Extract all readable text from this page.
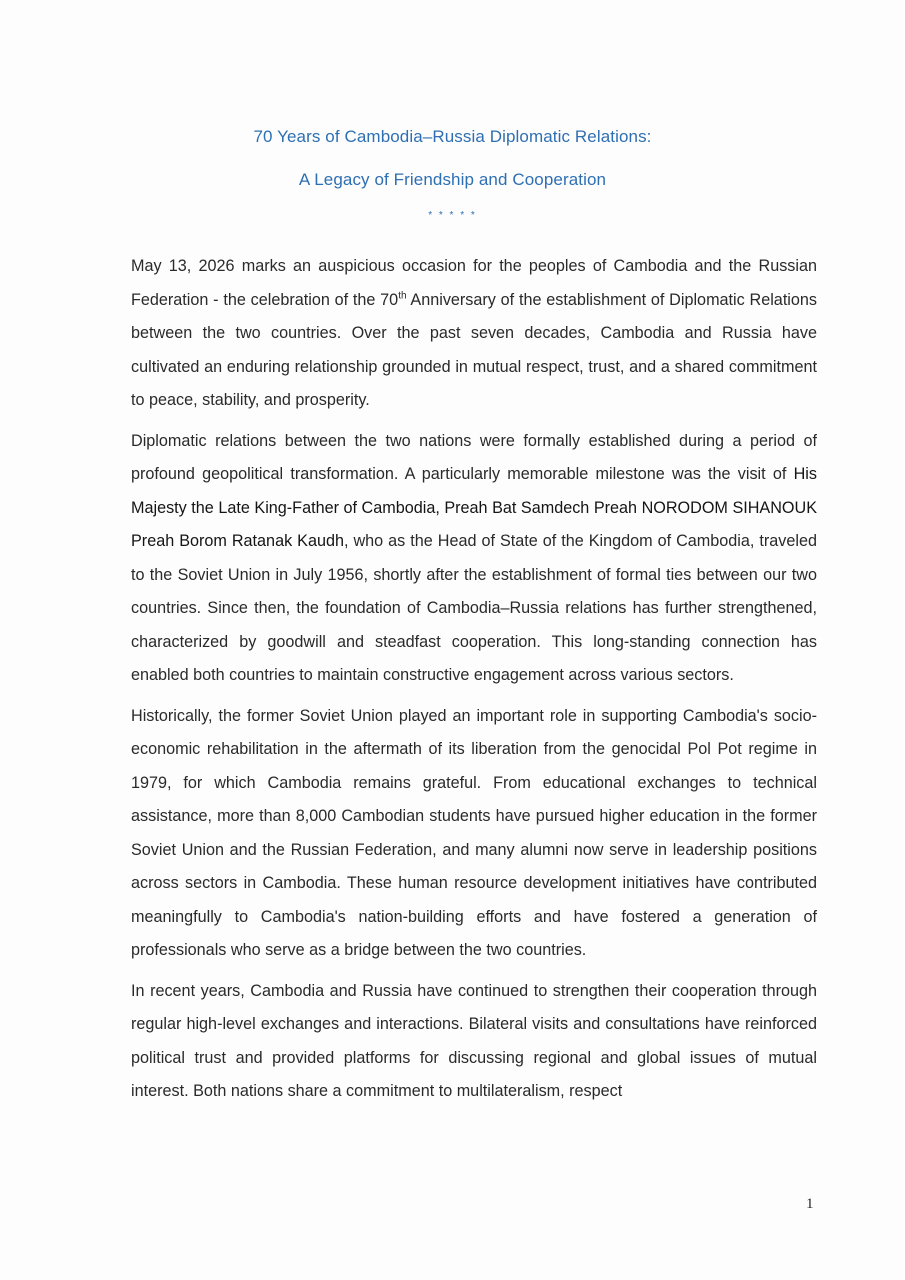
70 Years of Cambodia–Russia Diplomatic Relations:
A Legacy of Friendship and Cooperation
* * * * *

May 13, 2026 marks an auspicious occasion for the peoples of Cambodia and the Russian Federation - the celebration of the 70th Anniversary of the establishment of Diplomatic Relations between the two countries. Over the past seven decades, Cambodia and Russia have cultivated an enduring relationship grounded in mutual respect, trust, and a shared commitment to peace, stability, and prosperity.

Diplomatic relations between the two nations were formally established during a period of profound geopolitical transformation. A particularly memorable milestone was the visit of His Majesty the Late King-Father of Cambodia, Preah Bat Samdech Preah NORODOM SIHANOUK Preah Borom Ratanak Kaudh, who as the Head of State of the Kingdom of Cambodia, traveled to the Soviet Union in July 1956, shortly after the establishment of formal ties between our two countries. Since then, the foundation of Cambodia–Russia relations has further strengthened, characterized by goodwill and steadfast cooperation. This long-standing connection has enabled both countries to maintain constructive engagement across various sectors.

Historically, the former Soviet Union played an important role in supporting Cambodia's socio-economic rehabilitation in the aftermath of its liberation from the genocidal Pol Pot regime in 1979, for which Cambodia remains grateful. From educational exchanges to technical assistance, more than 8,000 Cambodian students have pursued higher education in the former Soviet Union and the Russian Federation, and many alumni now serve in leadership positions across sectors in Cambodia. These human resource development initiatives have contributed meaningfully to Cambodia's nation-building efforts and have fostered a generation of professionals who serve as a bridge between the two countries.

In recent years, Cambodia and Russia have continued to strengthen their cooperation through regular high-level exchanges and interactions. Bilateral visits and consultations have reinforced political trust and provided platforms for discussing regional and global issues of mutual interest. Both nations share a commitment to multilateralism, respect

1
